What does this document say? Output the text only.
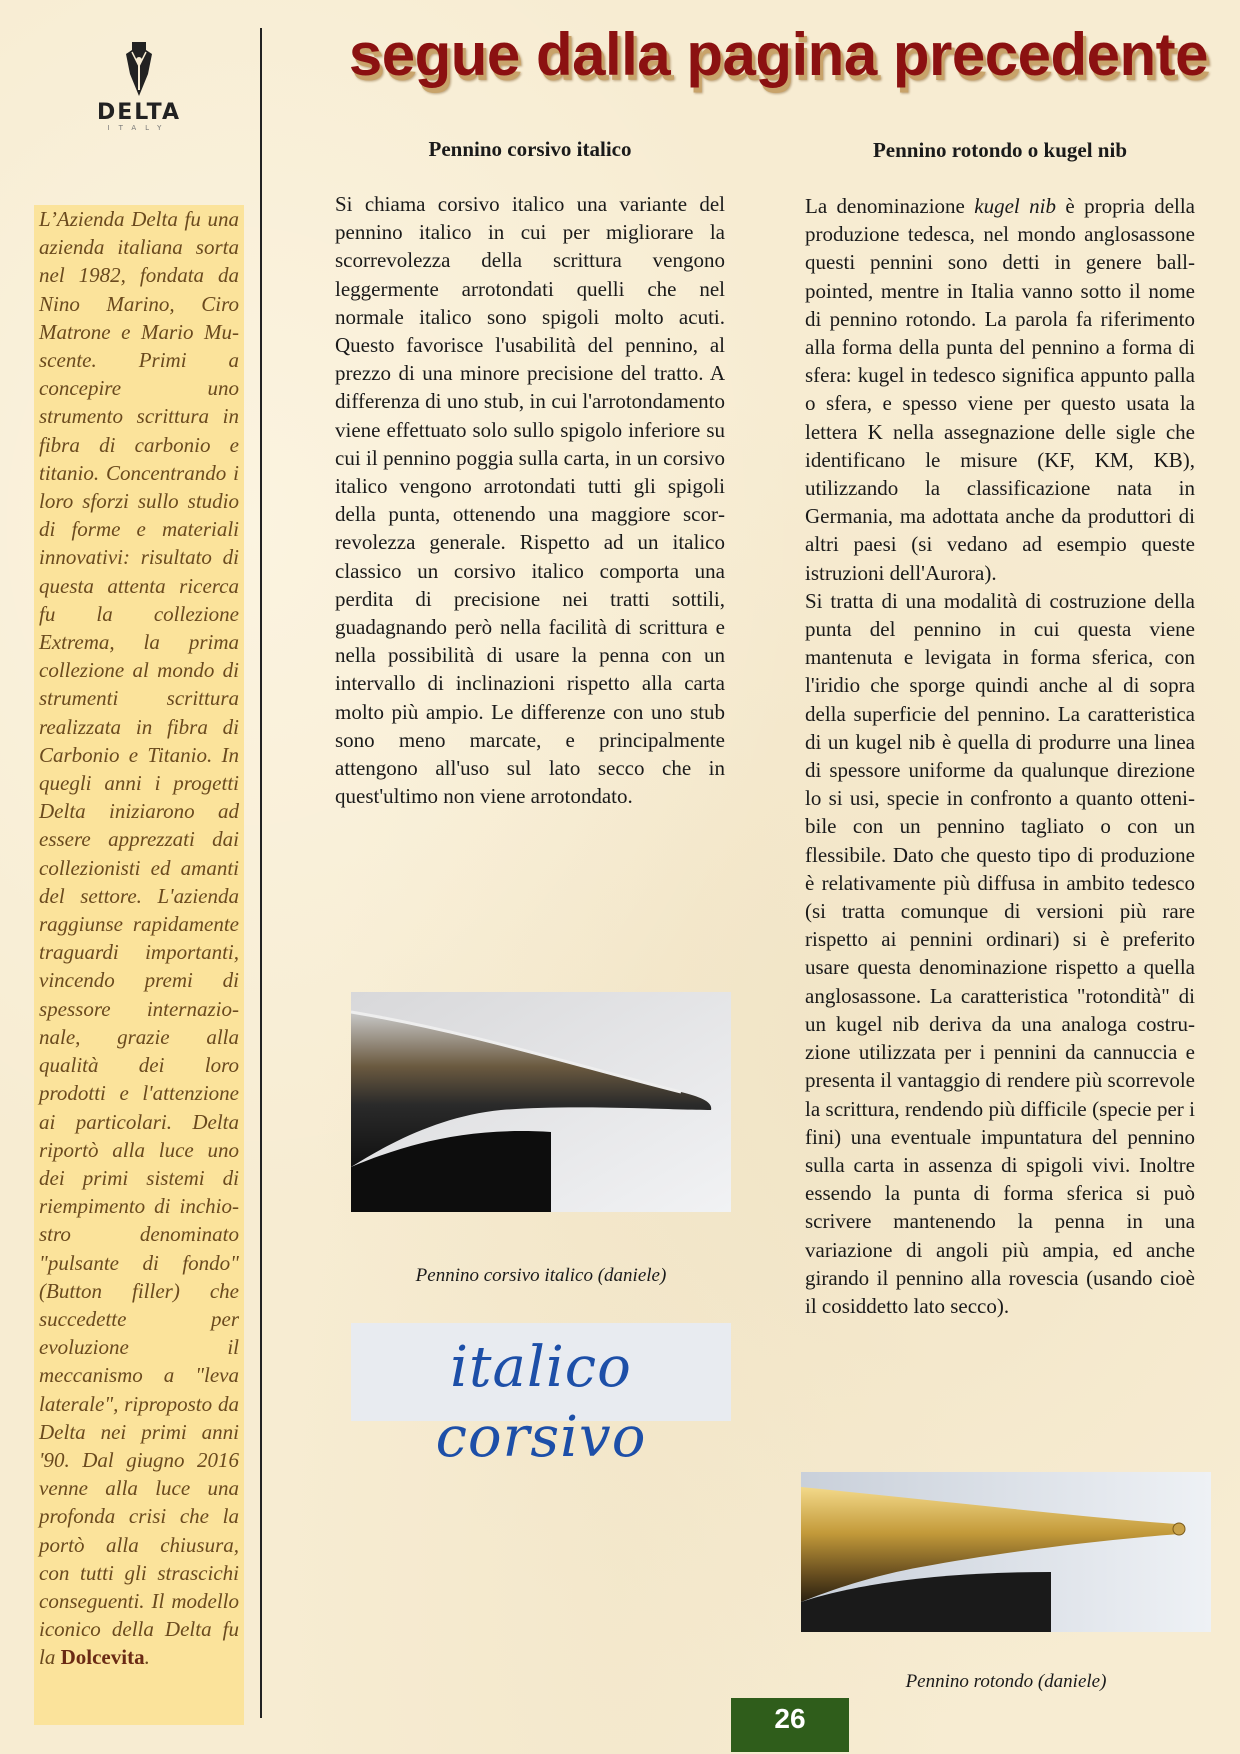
DELTA
ITALY
segue dalla pagina precedente

L’Azienda Delta fu una azienda italiana sorta nel 1982, fondata da Nino Marino, Ciro Matrone e Mario Muscente. Primi a concepire uno strumento scrittura in fibra di carbonio e titanio. Concentrando i loro sforzi sullo studio di forme e materiali innovativi: risultato di questa attenta ricerca fu la collezione Extrema, la prima collezione al mondo di strumenti scrittura realizzata in fibra di Carbonio e Titanio. In quegli anni i progetti Delta iniziarono ad essere apprezzati dai collezionisti ed amanti del settore. L'azienda raggiunse rapidamente traguardi importanti, vincendo premi di spessore internazionale, grazie alla qualità dei loro prodotti e l'attenzione ai particolari. Delta riportò alla luce uno dei primi sistemi di riempimento di inchiostro denominato "pulsante di fondo" (Button filler) che succedette per evoluzione il meccanismo a "leva laterale", riproposto da Delta nei primi anni '90. Dal giugno 2016 venne alla luce una profonda crisi che la portò alla chiusura, con tutti gli strascichi conseguenti. Il modello iconico della Delta fu la Dolcevita.

Pennino corsivo italico

Si chiama corsivo italico una variante del pennino italico in cui per migliorare la scorrevolezza della scrittura vengono leggermente arrotondati quelli che nel normale italico sono spigoli molto acuti. Questo favorisce l'usabilità del pennino, al prezzo di una minore precisione del tratto. A differenza di uno stub, in cui l'arrotondamento viene effettuato solo sullo spigolo inferiore su cui il pennino poggia sulla carta, in un corsivo italico vengono arrotondati tutti gli spigoli della punta, ottenendo una maggiore scorrevolezza generale. Rispetto ad un italico classico un corsivo italico comporta una perdita di precisione nei tratti sottili, guadagnando però nella facilità di scrittura e nella possibilità di usare la penna con un intervallo di inclinazioni rispetto alla carta molto più ampio. Le differenze con uno stub sono meno marcate, e principalmente attengono all'uso sul lato secco che in quest'ultimo non viene arrotondato.

Pennino corsivo italico (daniele)
italico corsivo
Pennino rotondo o kugel nib

La denominazione kugel nib è propria della produzione tedesca, nel mondo anglosassone questi pennini sono detti in genere ball-pointed, mentre in Italia vanno sotto il nome di pennino rotondo. La parola fa riferimento alla forma della punta del pennino a forma di sfera: kugel in tedesco significa appunto palla o sfera, e spesso viene per questo usata la lettera K nella assegnazione delle sigle che identificano le misure (KF, KM, KB), utilizzando la classificazione nata in Germania, ma adottata anche da produttori di altri paesi (si vedano ad esempio queste istruzioni dell'Aurora).

Si tratta di una modalità di costruzione della punta del pennino in cui questa viene mantenuta e levigata in forma sferica, con l'iridio che sporge quindi anche al di sopra della superficie del pennino. La caratteristica di un kugel nib è quella di produrre una linea di spessore uniforme da qualunque direzione lo si usi, specie in confronto a quanto ottenibile con un pennino tagliato o con un flessibile. Dato che questo tipo di produzione è relativamente più diffusa in ambito tedesco (si tratta comunque di versioni più rare rispetto ai pennini ordinari) si è preferito usare questa denominazione rispetto a quella anglosassone. La caratteristica "rotondità" di un kugel nib deriva da una analoga costruzione utilizzata per i pennini da cannuccia e presenta il vantaggio di rendere più scorrevole la scrittura, rendendo più difficile (specie per i fini) una eventuale impuntatura del pennino sulla carta in assenza di spigoli vivi. Inoltre essendo la punta di forma sferica si può scrivere mantenendo la penna in una variazione di angoli più ampia, ed anche girando il pennino alla rovescia (usando cioè il cosiddetto lato secco).

Pennino rotondo (daniele)
26
